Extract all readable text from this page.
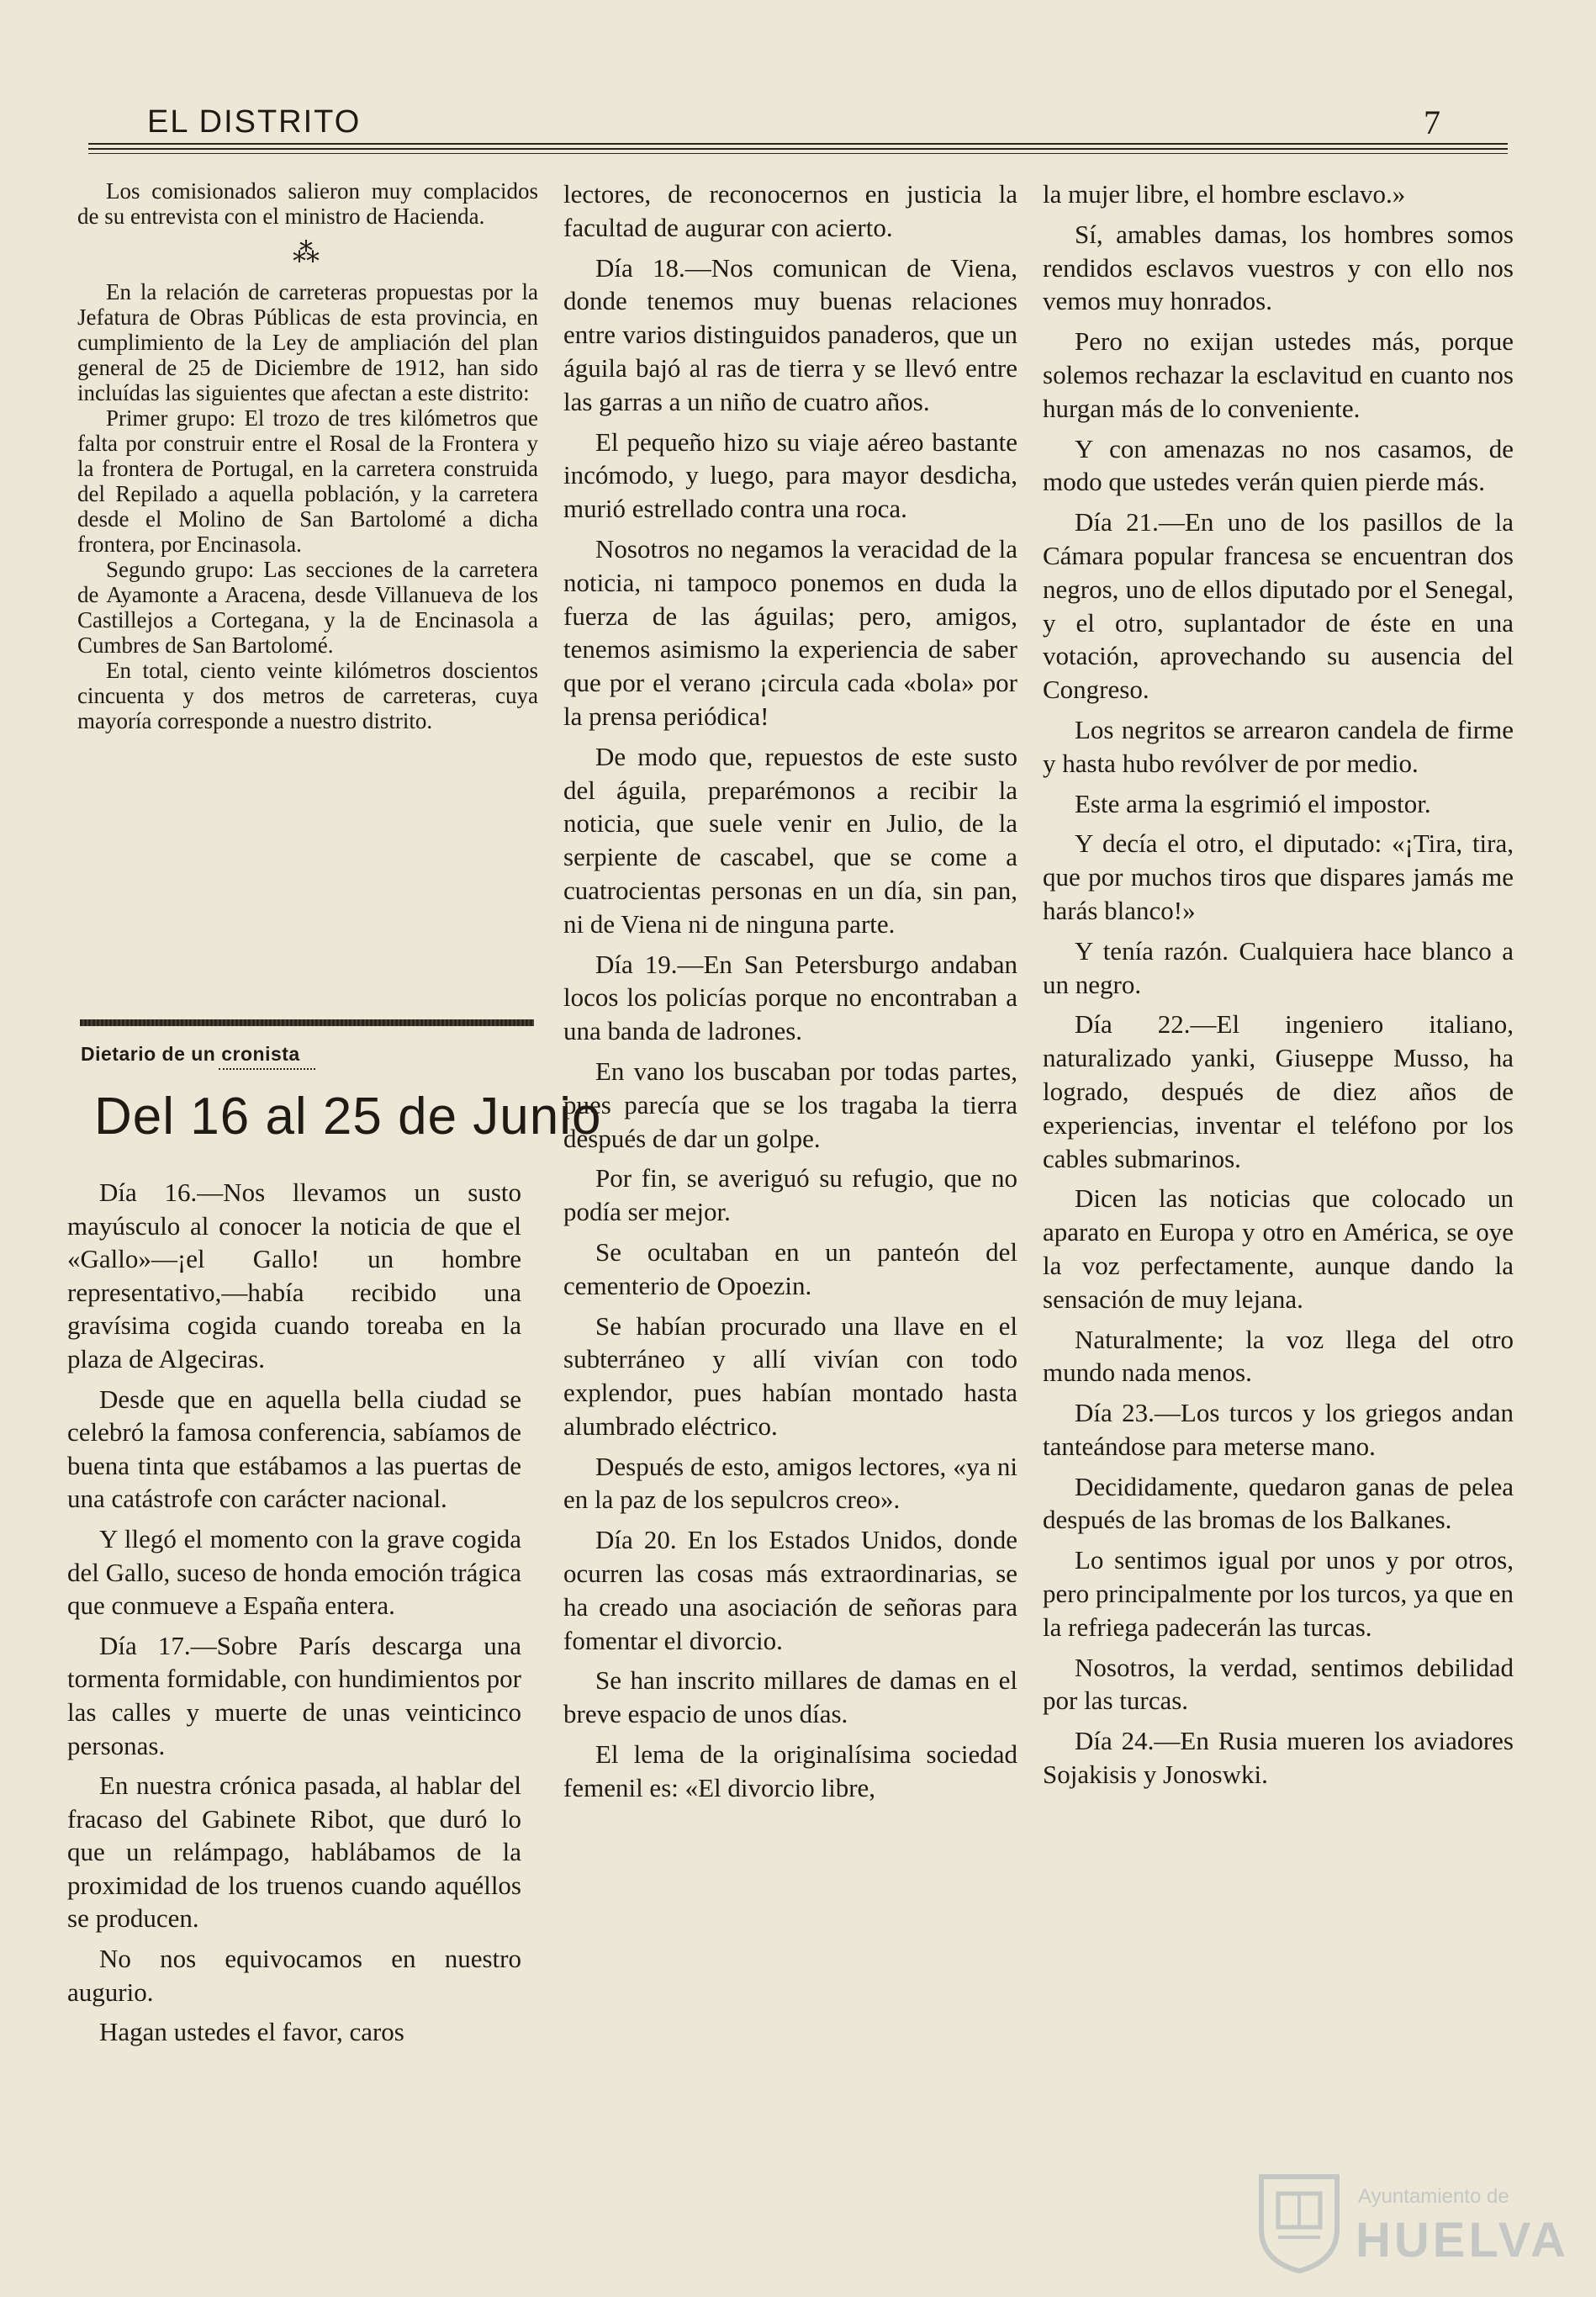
EL DISTRITO	7

Los comisionados salieron muy complacidos de su entrevista con el ministro de Hacienda.

⁂

En la relación de carreteras propuestas por la Jefatura de Obras Públicas de esta provincia, en cumplimiento de la Ley de ampliación del plan general de 25 de Diciembre de 1912, han sido incluídas las siguientes que afectan a este distrito:

Primer grupo: El trozo de tres kilómetros que falta por construir entre el Rosal de la Frontera y la frontera de Portugal, en la carretera construida del Repilado a aquella población, y la carretera desde el Molino de San Bartolomé a dicha frontera, por Encinasola.

Segundo grupo: Las secciones de la carretera de Ayamonte a Aracena, desde Villanueva de los Castillejos a Cortegana, y la de Encinasola a Cumbres de San Bartolomé.

En total, ciento veinte kilómetros doscientos cincuenta y dos metros de carreteras, cuya mayoría corresponde a nuestro distrito.

Dietario de un cronista
Del 16 al 25 de Junio

Día 16.—Nos llevamos un susto mayúsculo al conocer la noticia de que el «Gallo»—¡el Gallo! un hombre representativo,—había recibido una gravísima cogida cuando toreaba en la plaza de Algeciras.

Desde que en aquella bella ciudad se celebró la famosa conferencia, sabíamos de buena tinta que estábamos a las puertas de una catástrofe con carácter nacional.

Y llegó el momento con la grave cogida del Gallo, suceso de honda emoción trágica que conmueve a España entera.

Día 17.—Sobre París descarga una tormenta formidable, con hundimientos por las calles y muerte de unas veinticinco personas.

En nuestra crónica pasada, al hablar del fracaso del Gabinete Ribot, que duró lo que un relámpago, hablábamos de la proximidad de los truenos cuando aquéllos se producen.

No nos equivocamos en nuestro augurio.

Hagan ustedes el favor, caros

lectores, de reconocernos en justicia la facultad de augurar con acierto.

Día 18.—Nos comunican de Viena, donde tenemos muy buenas relaciones entre varios distinguidos panaderos, que un águila bajó al ras de tierra y se llevó entre las garras a un niño de cuatro años.

El pequeño hizo su viaje aéreo bastante incómodo, y luego, para mayor desdicha, murió estrellado contra una roca.

Nosotros no negamos la veracidad de la noticia, ni tampoco ponemos en duda la fuerza de las águilas; pero, amigos, tenemos asimismo la experiencia de saber que por el verano ¡circula cada «bola» por la prensa periódica!

De modo que, repuestos de este susto del águila, preparémonos a recibir la noticia, que suele venir en Julio, de la serpiente de cascabel, que se come a cuatrocientas personas en un día, sin pan, ni de Viena ni de ninguna parte.

Día 19.—En San Petersburgo andaban locos los policías porque no encontraban a una banda de ladrones.

En vano los buscaban por todas partes, pues parecía que se los tragaba la tierra después de dar un golpe.

Por fin, se averiguó su refugio, que no podía ser mejor.

Se ocultaban en un panteón del cementerio de Opoezin.

Se habían procurado una llave en el subterráneo y allí vivían con todo explendor, pues habían montado hasta alumbrado eléctrico.

Después de esto, amigos lectores, «ya ni en la paz de los sepulcros creo».

Día 20. En los Estados Unidos, donde ocurren las cosas más extraordinarias, se ha creado una asociación de señoras para fomentar el divorcio.

Se han inscrito millares de damas en el breve espacio de unos días.

El lema de la originalísima sociedad femenil es: «El divorcio libre,

la mujer libre, el hombre esclavo.»

Sí, amables damas, los hombres somos rendidos esclavos vuestros y con ello nos vemos muy honrados.

Pero no exijan ustedes más, porque solemos rechazar la esclavitud en cuanto nos hurgan más de lo conveniente.

Y con amenazas no nos casamos, de modo que ustedes verán quien pierde más.

Día 21.—En uno de los pasillos de la Cámara popular francesa se encuentran dos negros, uno de ellos diputado por el Senegal, y el otro, suplantador de éste en una votación, aprovechando su ausencia del Congreso.

Los negritos se arrearon candela de firme y hasta hubo revólver de por medio.

Este arma la esgrimió el impostor.

Y decía el otro, el diputado: «¡Tira, tira, que por muchos tiros que dispares jamás me harás blanco!»

Y tenía razón. Cualquiera hace blanco a un negro.

Día 22.—El ingeniero italiano, naturalizado yanki, Giuseppe Musso, ha logrado, después de diez años de experiencias, inventar el teléfono por los cables submarinos.

Dicen las noticias que colocado un aparato en Europa y otro en América, se oye la voz perfectamente, aunque dando la sensación de muy lejana.

Naturalmente; la voz llega del otro mundo nada menos.

Día 23.—Los turcos y los griegos andan tanteándose para meterse mano.

Decididamente, quedaron ganas de pelea después de las bromas de los Balkanes.

Lo sentimos igual por unos y por otros, pero principalmente por los turcos, ya que en la refriega padecerán las turcas.

Nosotros, la verdad, sentimos debilidad por las turcas.

Día 24.—En Rusia mueren los aviadores Sojakisis y Jonoswki.

Ayuntamiento de
HUELVA
